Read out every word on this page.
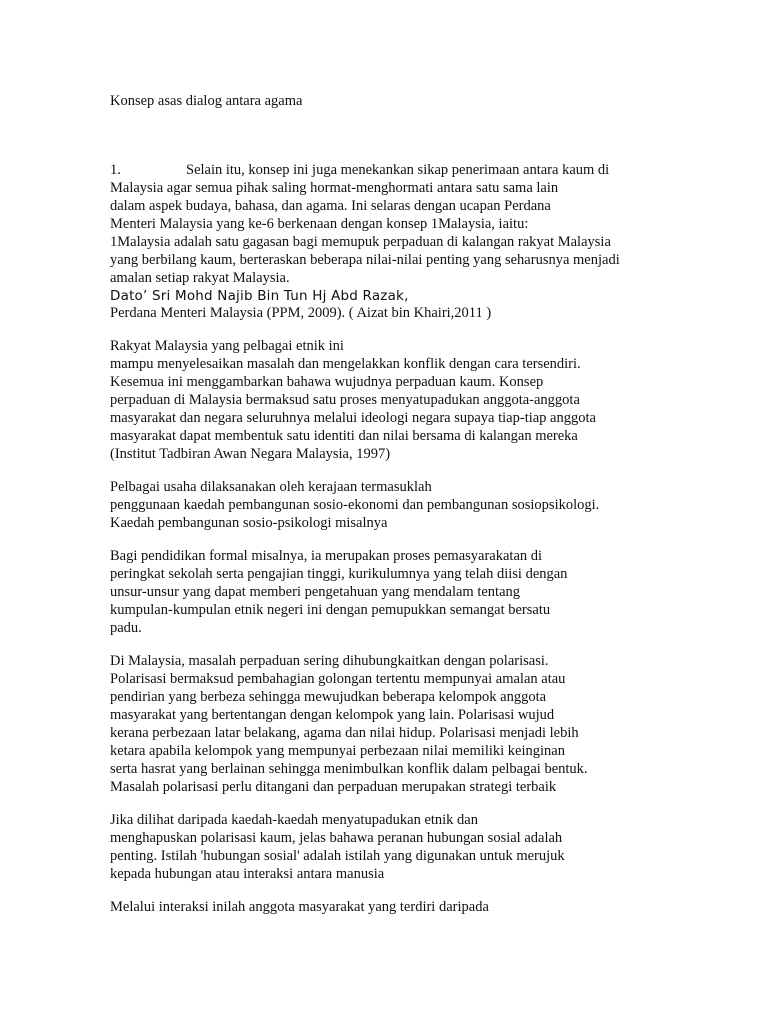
Konsep asas dialog antara agama
1.	Selain itu, konsep ini juga menekankan sikap penerimaan antara kaum di
Malaysia agar semua pihak saling hormat-menghormati antara satu sama lain
dalam aspek budaya, bahasa, dan agama. Ini selaras dengan ucapan Perdana
Menteri Malaysia yang ke-6 berkenaan dengan konsep 1Malaysia, iaitu:
1Malaysia adalah satu gagasan bagi memupuk perpaduan di kalangan rakyat Malaysia
yang berbilang kaum, berteraskan beberapa nilai-nilai penting yang seharusnya menjadi
amalan setiap rakyat Malaysia.
Dato’ Sri Mohd Najib Bin Tun Hj Abd Razak,
Perdana Menteri Malaysia (PPM, 2009). ( Aizat bin Khairi,2011 )
Rakyat Malaysia yang pelbagai etnik ini
mampu menyelesaikan masalah dan mengelakkan konflik dengan cara tersendiri.
Kesemua ini menggambarkan bahawa wujudnya perpaduan kaum. Konsep
perpaduan di Malaysia bermaksud satu proses menyatupadukan anggota-anggota
masyarakat dan negara seluruhnya melalui ideologi negara supaya tiap-tiap anggota
masyarakat dapat membentuk satu identiti dan nilai bersama di kalangan mereka
(Institut Tadbiran Awan Negara Malaysia, 1997)
Pelbagai usaha dilaksanakan oleh kerajaan termasuklah
penggunaan kaedah pembangunan sosio-ekonomi dan pembangunan sosiopsikologi.
Kaedah pembangunan sosio-psikologi misalnya
Bagi pendidikan formal misalnya, ia merupakan proses pemasyarakatan di
peringkat sekolah serta pengajian tinggi, kurikulumnya yang telah diisi dengan
unsur-unsur yang dapat memberi pengetahuan yang mendalam tentang
kumpulan-kumpulan etnik negeri ini dengan pemupukkan semangat bersatu
padu.
Di Malaysia, masalah perpaduan sering dihubungkaitkan dengan polarisasi.
Polarisasi bermaksud pembahagian golongan tertentu mempunyai amalan atau
pendirian yang berbeza sehingga mewujudkan beberapa kelompok anggota
masyarakat yang bertentangan dengan kelompok yang lain. Polarisasi wujud
kerana perbezaan latar belakang, agama dan nilai hidup. Polarisasi menjadi lebih
ketara apabila kelompok yang mempunyai perbezaan nilai memiliki keinginan
serta hasrat yang berlainan sehingga menimbulkan konflik dalam pelbagai bentuk.
Masalah polarisasi perlu ditangani dan perpaduan merupakan strategi terbaik
Jika dilihat daripada kaedah-kaedah menyatupadukan etnik dan
menghapuskan polarisasi kaum, jelas bahawa peranan hubungan sosial adalah
penting. Istilah 'hubungan sosial' adalah istilah yang digunakan untuk merujuk
kepada hubungan atau interaksi antara manusia
Melalui interaksi inilah anggota masyarakat yang terdiri daripada
